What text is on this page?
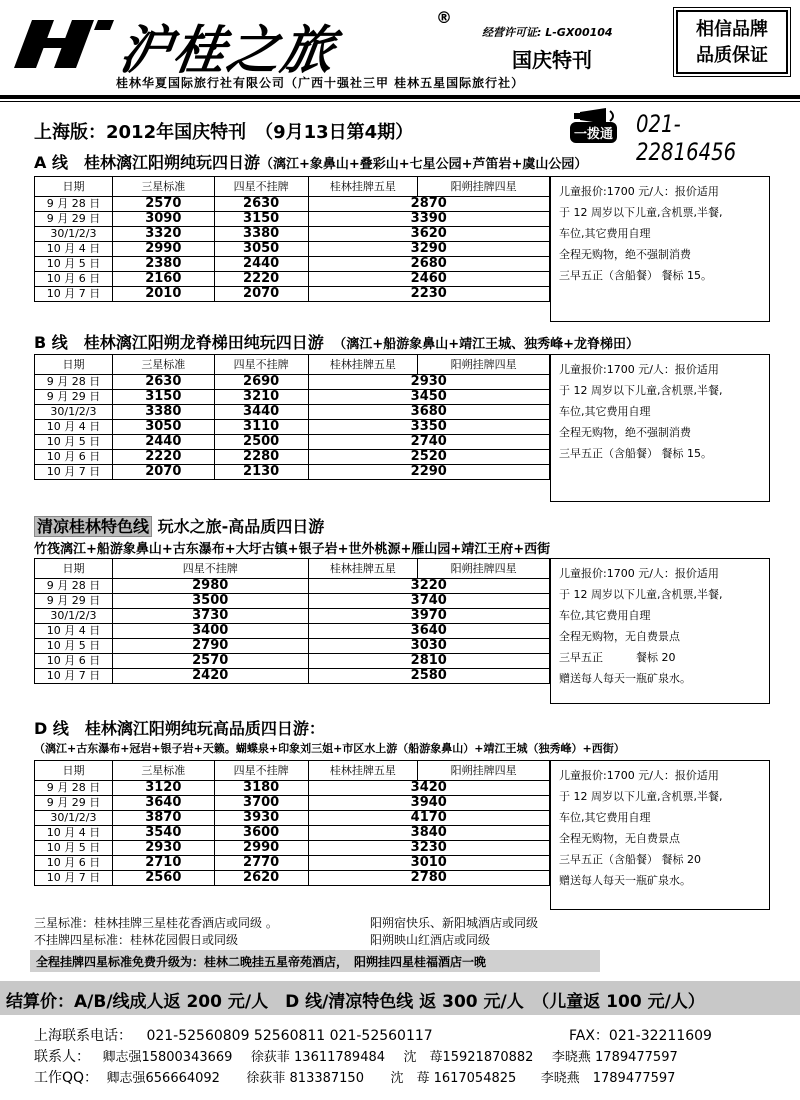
沪桂之旅
®
经营许可证: L-GX00104
国庆特刊
相信品牌
品质保证
桂林华夏国际旅行社有限公司（广西十强社三甲 桂林五星国际旅行社）
上海版：2012年国庆特刊　（9月13日第4期）	一拨通 021-22816456
A 线　桂林漓江阳朔纯玩四日游（漓江+象鼻山+叠彩山+七星公园+芦笛岩+虞山公园）
日期	三星标准	四星不挂牌	桂林挂牌五星	阳朔挂牌四星
9 月 28 日	2570	2630	2870	
9 月 29 日	3090	3150	3390	
30/1/2/3	3320	3380	3620	
10 月 4 日	2990	3050	3290	
10 月 5 日	2380	2440	2680	
10 月 6 日	2160	2220	2460	
10 月 7 日	2010	2070	2230	
儿童报价:1700 元/人：报价适用
于 12 周岁以下儿童,含机票,半餐,
车位,其它费用自理
全程无购物，绝不强制消费
三早五正（含船餐） 餐标 15。
B 线　桂林漓江阳朔龙脊梯田纯玩四日游　 （漓江+船游象鼻山+靖江王城、独秀峰+龙脊梯田）
日期	三星标准	四星不挂牌	桂林挂牌五星	阳朔挂牌四星
9 月 28 日	2630	2690	2930	
9 月 29 日	3150	3210	3450	
30/1/2/3	3380	3440	3680	
10 月 4 日	3050	3110	3350	
10 月 5 日	2440	2500	2740	
10 月 6 日	2220	2280	2520	
10 月 7 日	2070	2130	2290	
儿童报价:1700 元/人：报价适用
于 12 周岁以下儿童,含机票,半餐,
车位,其它费用自理
全程无购物，绝不强制消费
三早五正（含船餐） 餐标 15。
清凉桂林特色线 玩水之旅-高品质四日游
竹筏漓江+船游象鼻山+古东瀑布+大圩古镇+银子岩+世外桃源+雁山园+靖江王府+西街
日期	四星不挂牌	桂林挂牌五星	阳朔挂牌四星
9 月 28 日	2980	3220	
9 月 29 日	3500	3740	
30/1/2/3	3730	3970	
10 月 4 日	3400	3640	
10 月 5 日	2790	3030	
10 月 6 日	2570	2810	
10 月 7 日	2420	2580	
儿童报价:1700 元/人：报价适用
于 12 周岁以下儿童,含机票,半餐,
车位,其它费用自理
全程无购物，无自费景点
三早五正　　　餐标 20
赠送每人每天一瓶矿泉水。
D 线　桂林漓江阳朔纯玩高品质四日游：
（漓江+古东瀑布+冠岩+银子岩+天籁。蝴蝶泉+印象刘三姐+市区水上游（船游象鼻山）+靖江王城（独秀峰）+西街）
日期	三星标准	四星不挂牌	桂林挂牌五星	阳朔挂牌四星
9 月 28 日	3120	3180	3420	
9 月 29 日	3640	3700	3940	
30/1/2/3	3870	3930	4170	
10 月 4 日	3540	3600	3840	
10 月 5 日	2930	2990	3230	
10 月 6 日	2710	2770	3010	
10 月 7 日	2560	2620	2780	
儿童报价:1700 元/人：报价适用
于 12 周岁以下儿童,含机票,半餐,
车位,其它费用自理
全程无购物，无自费景点
三早五正（含船餐） 餐标 20
赠送每人每天一瓶矿泉水。
三星标准：桂林挂牌三星桂花香酒店或同级 。	阳朔宿快乐、新阳城酒店或同级
不挂牌四星标准：桂林花园假日或同级	阳朔映山红酒店或同级
全程挂牌四星标准免费升级为：桂林二晚挂五星帝苑酒店，　阳朔挂四星桂福酒店一晚
结算价：A/B/线成人返 200 元/人　D 线/清凉特色线 返 300 元/人　（儿童返 100 元/人）
上海联系电话： 021-52560809 52560811 021-52560117	FAX：021-32211609
联系人： 卿志强15800343669 徐荻菲 13611789484 沈　苺15921870882 李晓燕 1789477597
工作QQ： 卿志强656664092 徐荻菲 813387150 沈　苺 1617054825 李晓燕　1789477597
